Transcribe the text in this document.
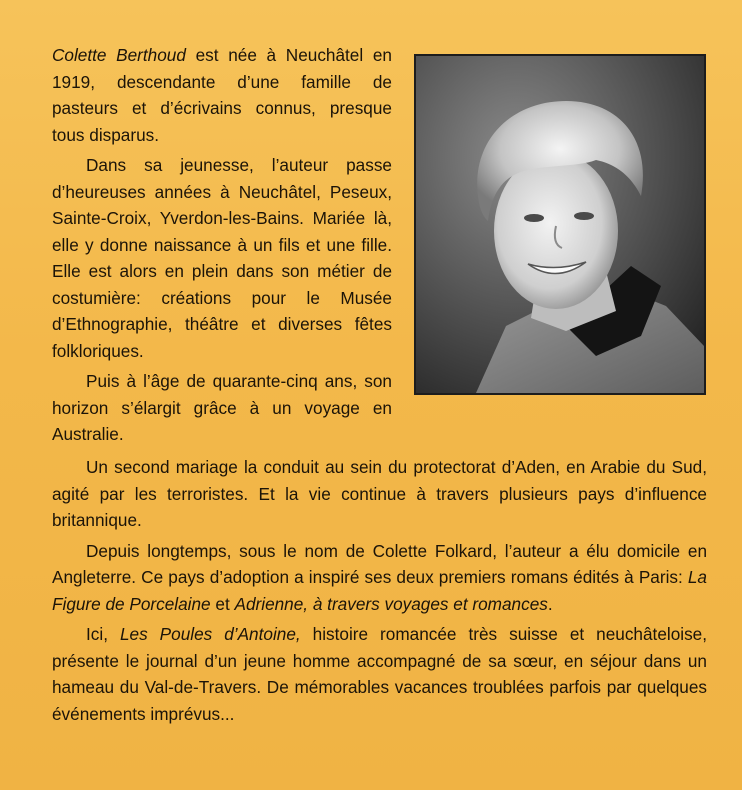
Colette Berthoud est née à Neuchâtel en 1919, descendante d’une famille de pasteurs et d’écrivains connus, presque tous disparus.

Dans sa jeunesse, l’auteur passe d’heureuses années à Neuchâtel, Peseux, Sainte-Croix, Yverdon-les-Bains. Mariée là, elle y donne naissance à un fils et une fille. Elle est alors en plein dans son métier de costumière: créations pour le Musée d’Ethnographie, théâtre et diverses fêtes folkloriques.

Puis à l’âge de quarante-cinq ans, son horizon s’élargit grâce à un voyage en Australie.

Un second mariage la conduit au sein du protectorat d’Aden, en Arabie du Sud, agité par les terroristes. Et la vie continue à travers plusieurs pays d’influence britannique.

Depuis longtemps, sous le nom de Colette Folkard, l’auteur a élu domicile en Angleterre. Ce pays d’adoption a inspiré ses deux premiers romans édités à Paris: La Figure de Porcelaine et Adrienne, à travers voyages et romances.

Ici, Les Poules d’Antoine, histoire romancée très suisse et neuchâteloise, présente le journal d’un jeune homme accompagné de sa sœur, en séjour dans un hameau du Val-de-Travers. De mémorables vacances troublées parfois par quelques événements imprévus...
